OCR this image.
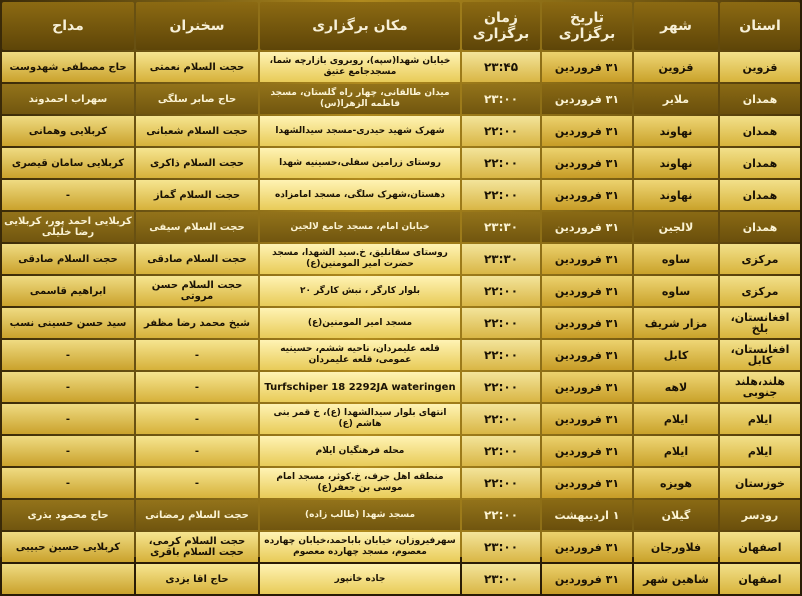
استان	شهر	تاریخ برگزاری	زمان برگزاری	مکان برگزاری	سخنران	مداح
قزوین	قزوین	۳۱ فروردین	۲۳:۴۵	خیابان شهدا(سپه)، روبروی بازارچه شما، مسجدجامع عتیق	حجت السلام نعمتی	حاج مصطفی شهدوست
همدان	ملایر	۳۱ فروردین	۲۳:۰۰	میدان طالقانی، چهار راه گلستان، مسجد فاطمه الزهرا(س)	حاج صابر سلگی	سهراب احمدوند
همدان	نهاوند	۳۱ فروردین	۲۲:۰۰	شهرک شهید حیدری-مسجد سیدالشهدا	حجت السلام شعبانی	کربلایی وهمانی
همدان	نهاوند	۳۱ فروردین	۲۲:۰۰	روستای زرامین سفلی،حسینیه شهدا	حجت السلام ذاکری	کربلایی سامان قیصری
همدان	نهاوند	۳۱ فروردین	۲۲:۰۰	دهستان،شهرک سلگی، مسجد امامزاده	حجت السلام گماز	-
همدان	لالجین	۳۱ فروردین	۲۳:۳۰	خیابان امام، مسجد جامع لالجین	حجت السلام سیفی	کربلایی احمد پور، کربلایی رضا خلیلی
مرکزی	ساوه	۳۱ فروردین	۲۳:۳۰	روستای سقانلیق، خ.سید الشهدا، مسجد حضرت امیر المومنین(ع)	حجت السلام صادقی	حجت السلام صادقی
مرکزی	ساوه	۳۱ فروردین	۲۲:۰۰	بلوار کارگر ، نبش کارگر ۲۰	حجت السلام حسن مروتی	ابراهیم قاسمی
افغانستان، بلخ	مزار شریف	۳۱ فروردین	۲۲:۰۰	مسجد امیر المومنین(ع)	شیخ محمد رضا مظفر	سید حسن حسینی نسب
افغانستان، کابل	کابل	۳۱ فروردین	۲۲:۰۰	قلعه علیمردان، ناحیه ششم، حسینیه عمومی، قلعه علیمردان	-	-
هلند،هلند جنوبی	لاهه	۳۱ فروردین	۲۲:۰۰	Turfschiper 18 2292JA wateringen	-	-
ایلام	ایلام	۳۱ فروردین	۲۲:۰۰	انتهای بلوار سیدالشهدا (ع)، خ قمر بنی هاشم (ع)	-	-
ایلام	ایلام	۳۱ فروردین	۲۲:۰۰	محله فرهنگیان ایلام	-	-
خوزستان	هویزه	۳۱ فروردین	۲۲:۰۰	منطقه اهل جرف، خ.کوثر، مسجد امام موسی بن جعفر(ع)	-	-
رودسر	گیلان	۱ اردیبهشت	۲۲:۰۰	مسجد شهدا (طالب زاده)	حجت السلام رمضانی	حاج محمود بذری
اصفهان	فلاورجان	۳۱ فروردین	۲۳:۰۰	سهرفیروزان، خیابان باباحمد،خیابان چهارده معصوم، مسجد چهارده معصوم	حجت السلام کرمی، حجت السلام باقری	کربلایی حسین حبیبی
اصفهان	شاهین شهر	۳۱ فروردین	۲۳:۰۰	جاده خانپور	حاج اقا یزدی	
